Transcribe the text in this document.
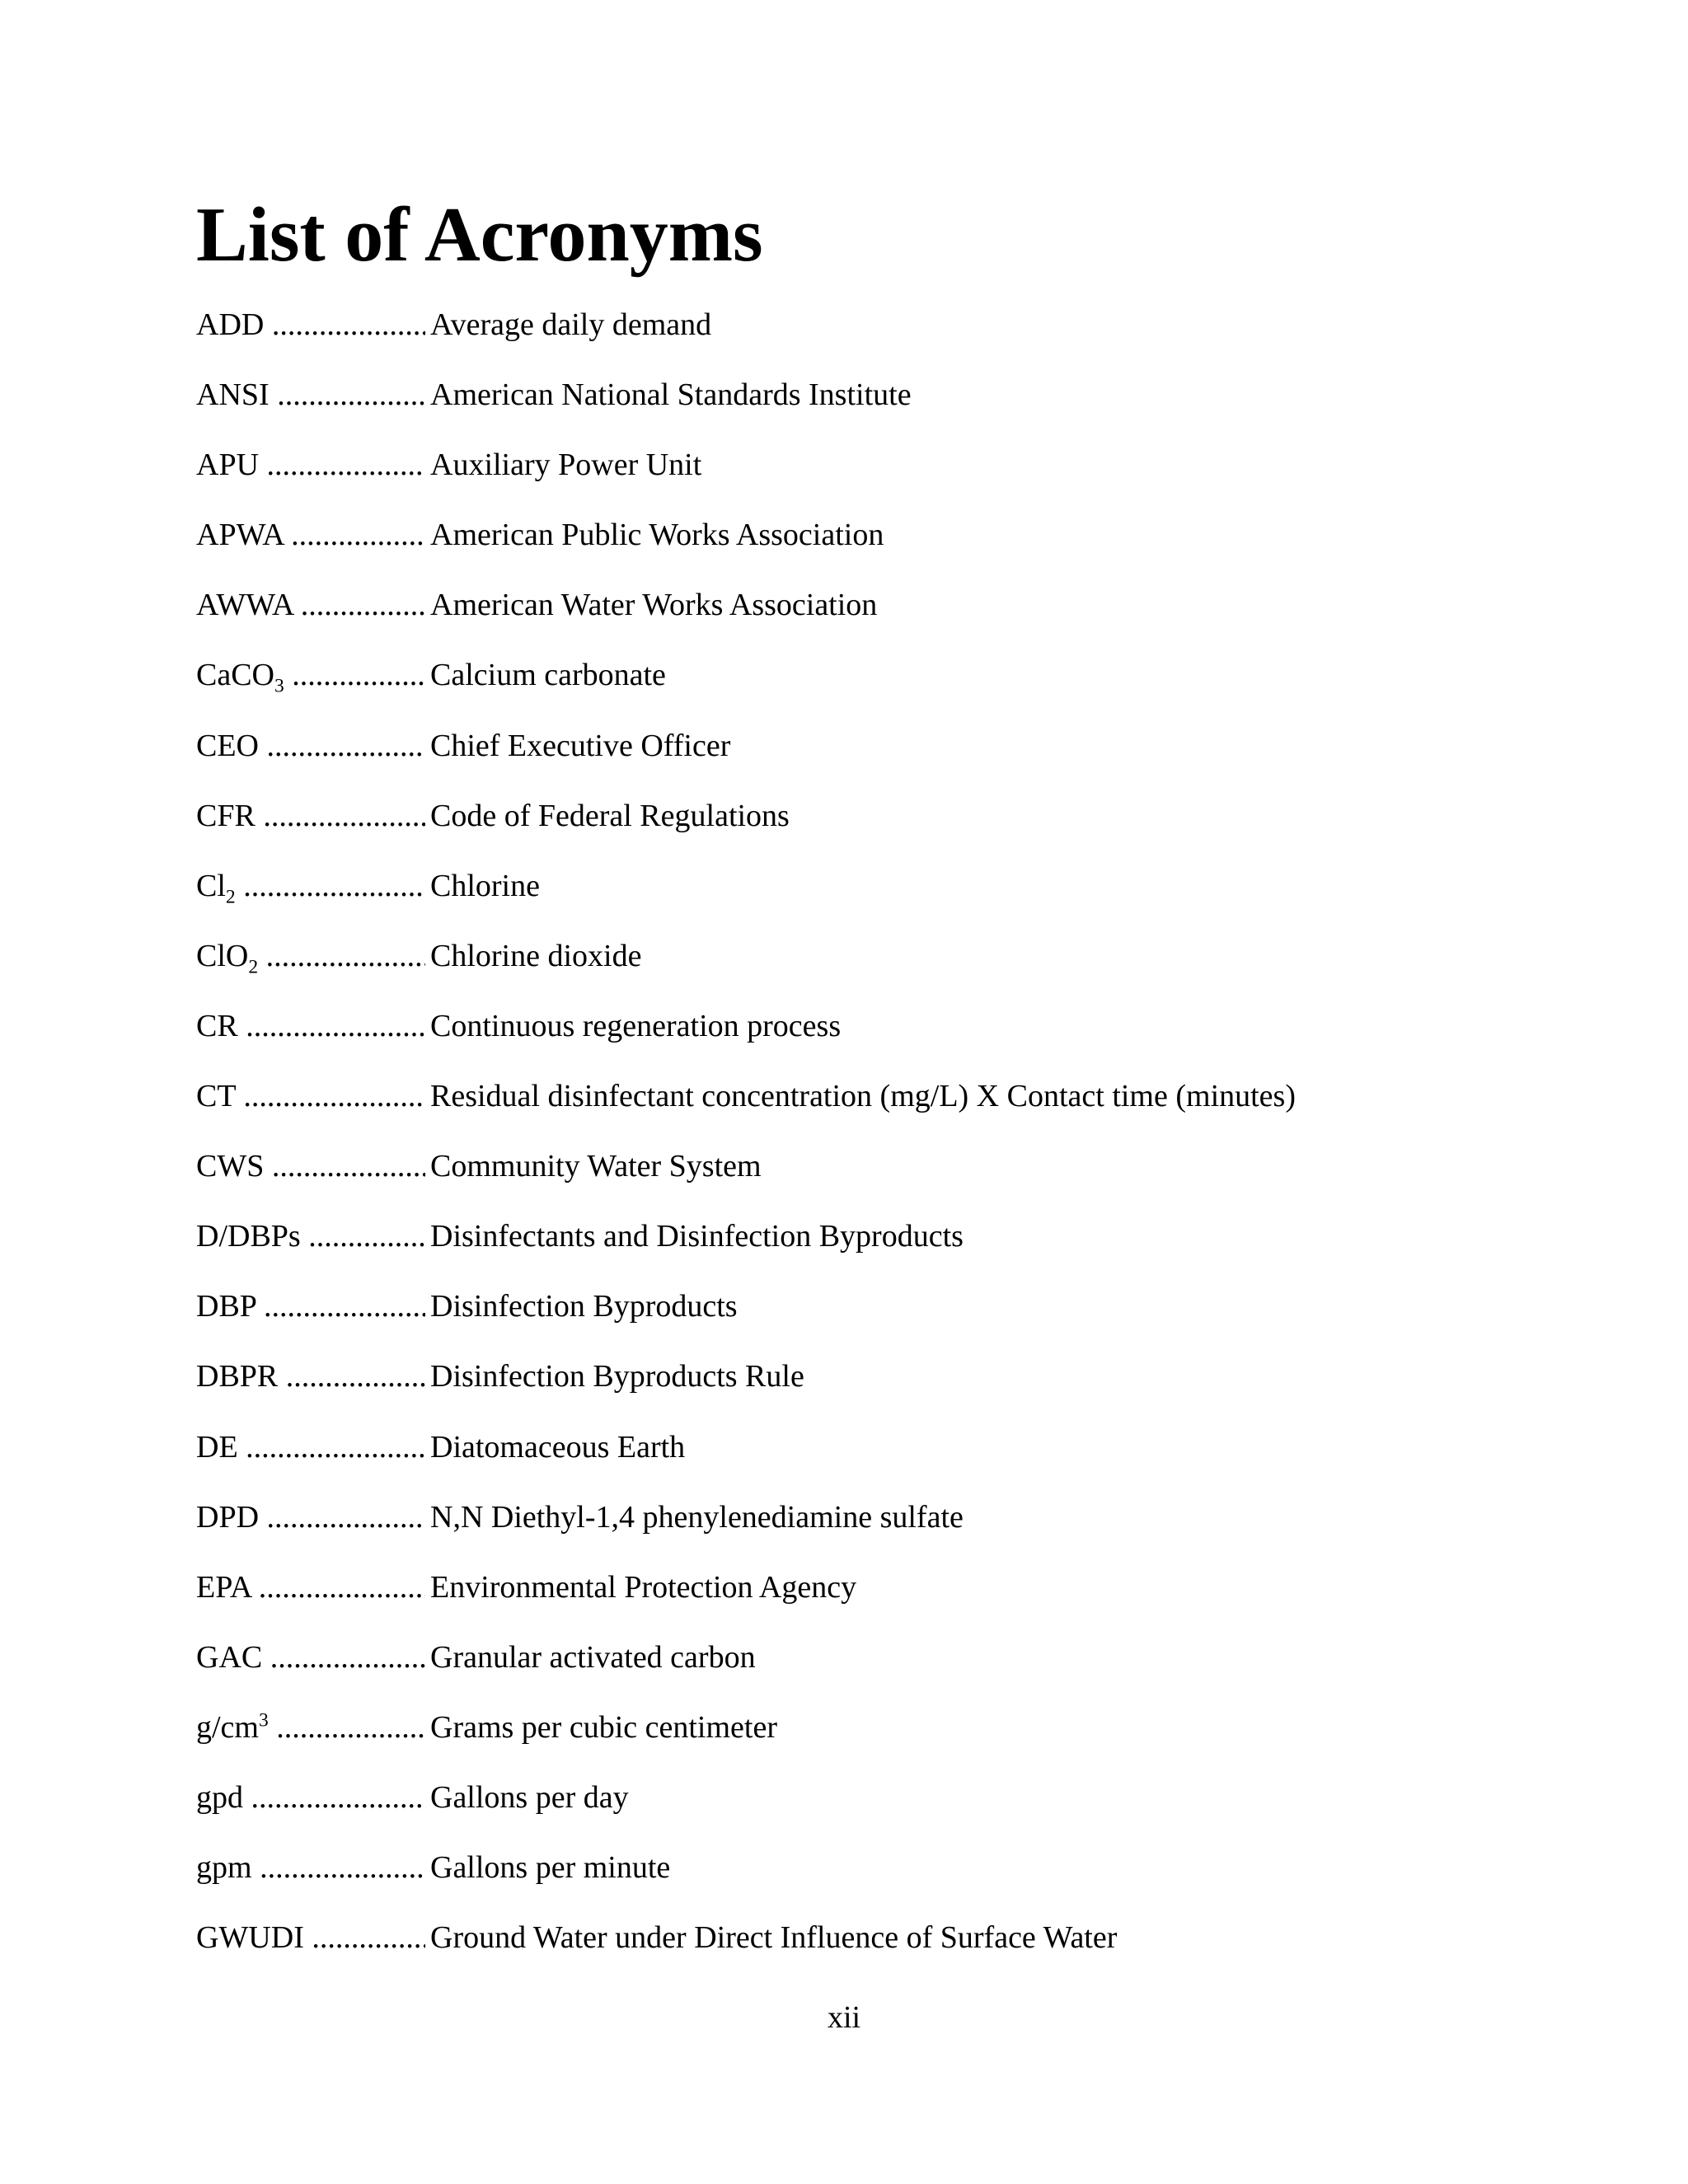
List of Acronyms
ADD .....	Average daily demand
ANSI .....	American National Standards Institute
APU .....	Auxiliary Power Unit
APWA .....	American Public Works Association
AWWA .....	American Water Works Association
CaCO$_3$ .....	Calcium carbonate
CEO .....	Chief Executive Officer
CFR .....	Code of Federal Regulations
$Cl_2$ .....	Chlorine
ClO$_2$ .....	Chlorine dioxide
CR .....	Continuous regeneration process
CT .....	Residual disinfectant concentration (mg/L) X Contact time (minutes)
CWS .....	Community Water System
D/DBPs .....	Disinfectants and Disinfection Byproducts
DBP .....	Disinfection Byproducts
DBPR .....	Disinfection Byproducts Rule
DE .....	Diatomaceous Earth
DPD .....	N,N Diethyl-1,4 phenylenediamine sulfate
EPA .....	Environmental Protection Agency
GAC .....	Granular activated carbon
$g/cm^3$ .....	Grams per cubic centimeter
gpd .....	Gallons per day
gpm .....	Gallons per minute
GWUDI .....	Ground Water under Direct Influence of Surface Water
xii
